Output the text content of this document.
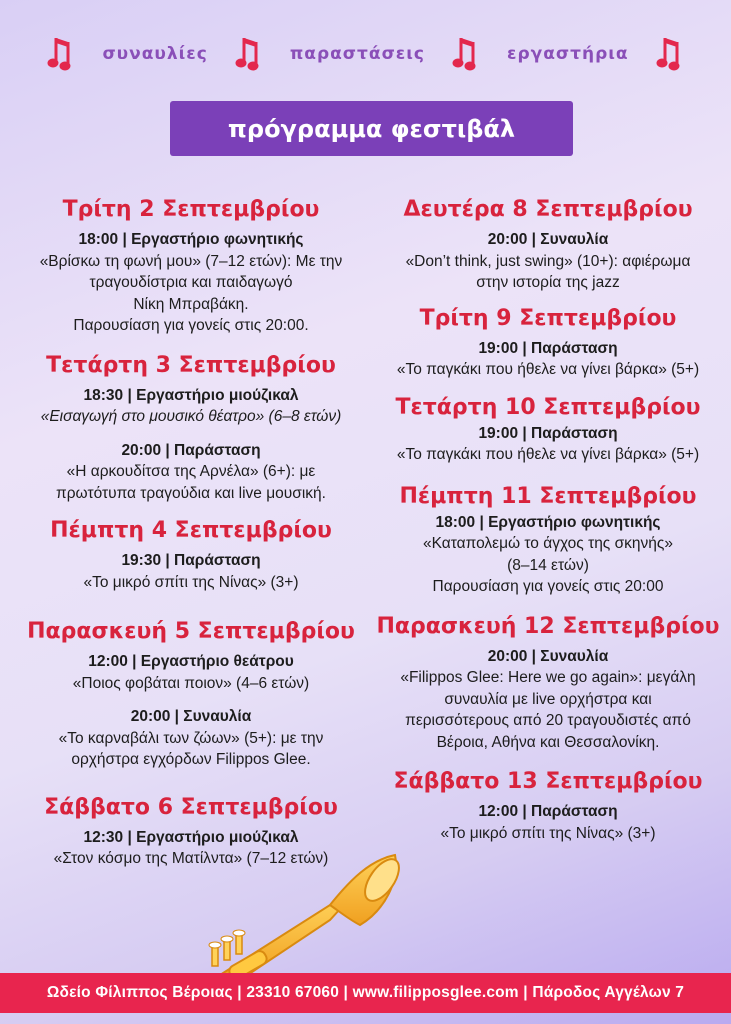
συναυλίες	παραστάσεις	εργαστήρια
πρόγραμμα φεστιβάλ
Τρίτη 2 Σεπτεμβρίου
18:00 | Εργαστήριο φωνητικής
«Βρίσκω τη φωνή μου» (7–12 ετών): Με την
τραγουδίστρια και παιδαγωγό
Νίκη Μπραβάκη.
Παρουσίαση για γονείς στις 20:00.
Τετάρτη 3 Σεπτεμβρίου
18:30 | Εργαστήριο μιούζικαλ
«Εισαγωγή στο μουσικό θέατρο» (6–8 ετών)
20:00 | Παράσταση
«Η αρκουδίτσα της Αρνέλα» (6+): με
πρωτότυπα τραγούδια και live μουσική.
Πέμπτη 4 Σεπτεμβρίου
19:30 | Παράσταση
«Το μικρό σπίτι της Νίνας» (3+)
Παρασκευή 5 Σεπτεμβρίου
12:00 | Εργαστήριο θεάτρου
«Ποιος φοβάται ποιον» (4–6 ετών)
20:00 | Συναυλία
«Το καρναβάλι των ζώων» (5+): με την
ορχήστρα εγχόρδων Filippos Glee.
Σάββατο 6 Σεπτεμβρίου
12:30 | Εργαστήριο μιούζικαλ
«Στον κόσμο της Ματίλντα» (7–12 ετών)
Δευτέρα 8 Σεπτεμβρίου
20:00 | Συναυλία
«Don’t think, just swing» (10+): αφιέρωμα
στην ιστορία της jazz
Τρίτη 9 Σεπτεμβρίου
19:00 | Παράσταση
«Το παγκάκι που ήθελε να γίνει βάρκα» (5+)
Τετάρτη 10 Σεπτεμβρίου
19:00 | Παράσταση
«Το παγκάκι που ήθελε να γίνει βάρκα» (5+)
Πέμπτη 11 Σεπτεμβρίου
18:00 | Εργαστήριο φωνητικής
«Καταπολεμώ το άγχος της σκηνής»
(8–14 ετών)
Παρουσίαση για γονείς στις 20:00
Παρασκευή 12 Σεπτεμβρίου
20:00 | Συναυλία
«Filippos Glee: Here we go again»: μεγάλη
συναυλία με live ορχήστρα και
περισσότερους από 20 τραγουδιστές από
Βέροια, Αθήνα και Θεσσαλονίκη.
Σάββατο 13 Σεπτεμβρίου
12:00 | Παράσταση
«Το μικρό σπίτι της Νίνας» (3+)
Ωδείο Φίλιππος Βέροιας | 23310 67060 | www.filipposglee.com | Πάροδος Αγγέλων 7
